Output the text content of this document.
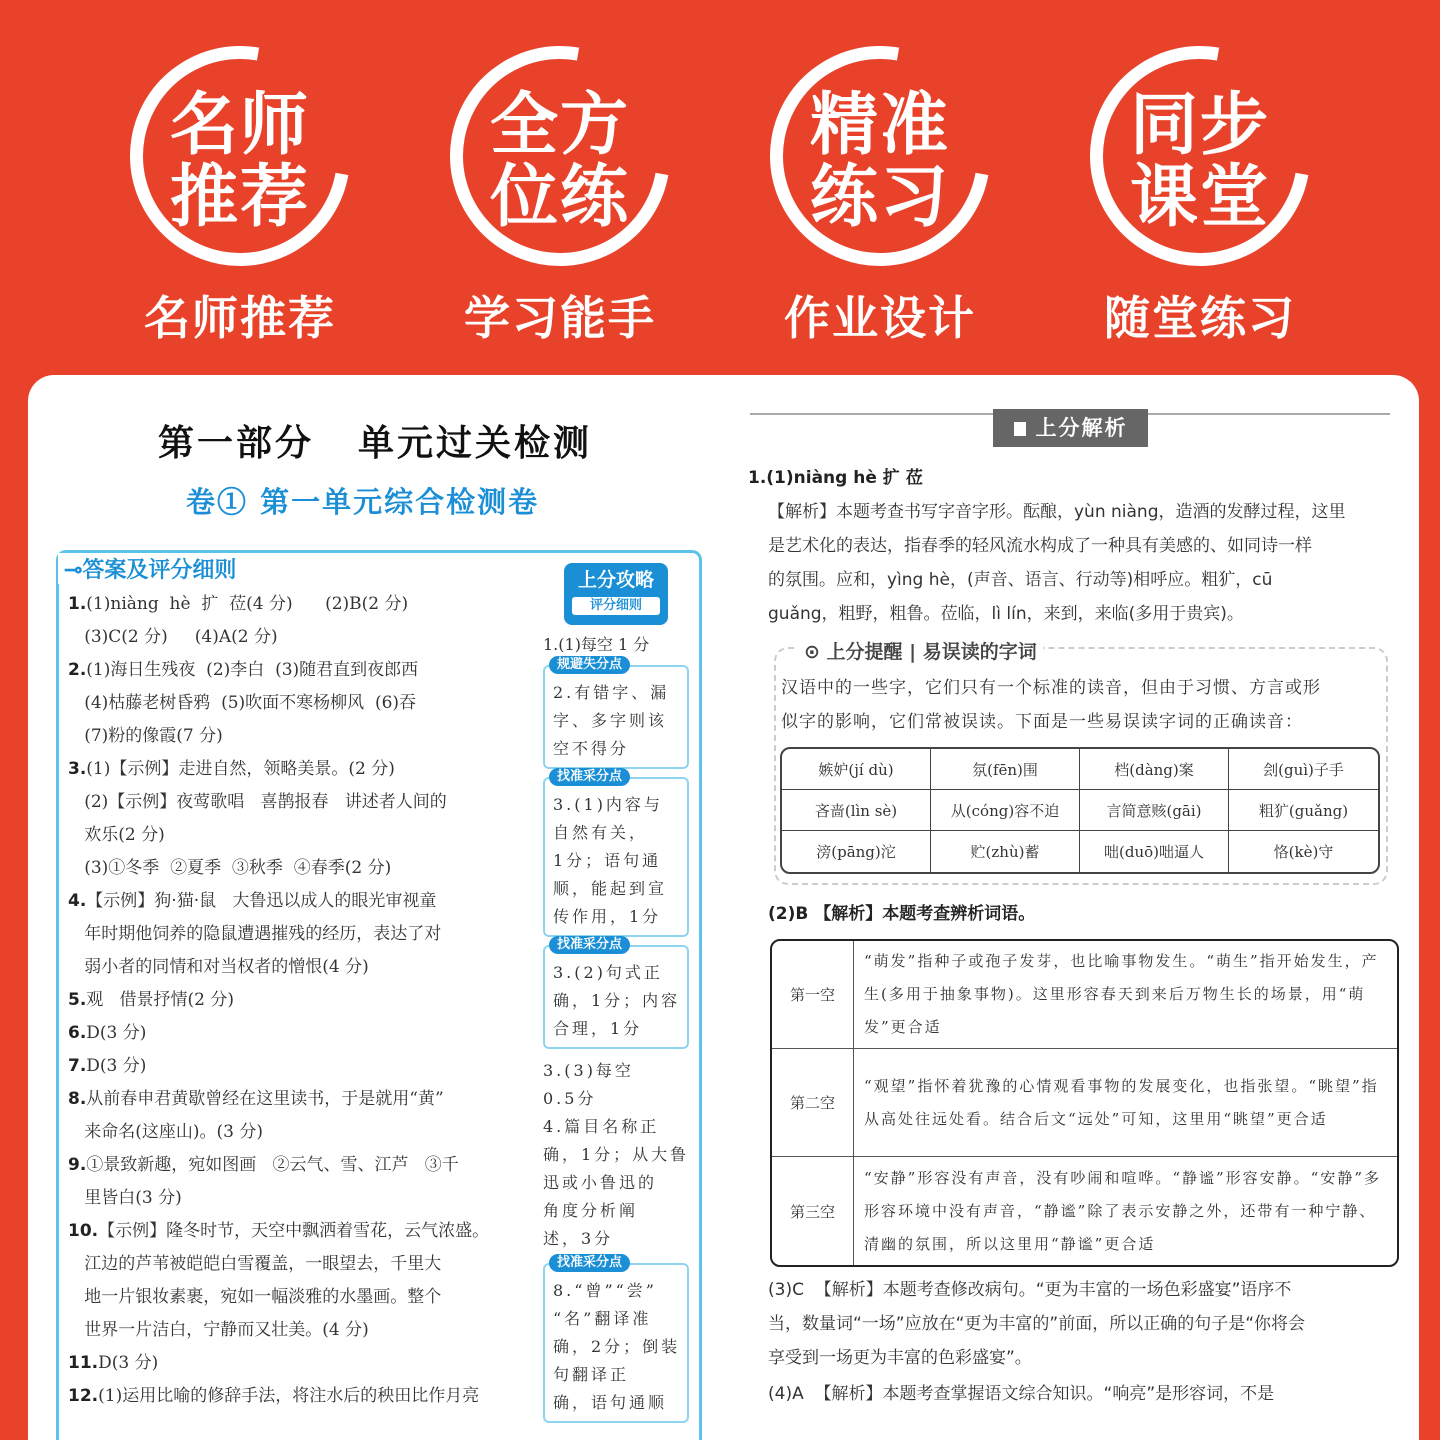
名师
推荐
名师推荐
全方
位练
学习能手
精准
练习
作业设计
同步
课堂
随堂练习
第一部分 单元过关检测
卷① 第一单元综合检测卷
⊸答案及评分细则
1.(1)niàng  hè  扩  莅(4 分)      (2)B(2 分)
(3)C(2 分)     (4)A(2 分)
2.(1)海日生残夜  (2)李白  (3)随君直到夜郎西
(4)枯藤老树昏鸦  (5)吹面不寒杨柳风  (6)吞
(7)粉的像霞(7 分)
3.(1)【示例】走进自然，领略美景。(2 分)
(2)【示例】夜莺歌唱   喜鹊报春   讲述者人间的
欢乐(2 分)
(3)①冬季  ②夏季  ③秋季  ④春季(2 分)
4.【示例】狗·猫·鼠   大鲁迅以成人的眼光审视童
年时期他饲养的隐鼠遭遇摧残的经历，表达了对
弱小者的同情和对当权者的憎恨(4 分)
5.观   借景抒情(2 分)
6.D(3 分)
7.D(3 分)
8.从前春申君黄歇曾经在这里读书，于是就用“黄”
来命名(这座山)。(3 分)
9.①景致新趣，宛如图画   ②云气、雪、江芦   ③千
里皆白(3 分)
10.【示例】隆冬时节，天空中飘洒着雪花，云气浓盛。
江边的芦苇被皑皑白雪覆盖，一眼望去，千里大
地一片银妆素裹，宛如一幅淡雅的水墨画。整个
世界一片洁白，宁静而又壮美。(4 分)
11.D(3 分)
12.(1)运用比喻的修辞手法，将注水后的秧田比作月亮
上分攻略
评分细则
1.(1)每空 1 分
规避失分点
2.有错字、漏
字、多字则该
空不得分
找准采分点
3.(1)内容与
自然有关，
1分；语句通
顺，能起到宣
传作用，1分
找准采分点
3.(2)句式正
确，1分；内容
合理，1分
3.(3)每空
0.5分
4.篇目名称正
确，1分；从大鲁
迅或小鲁迅的
角度分析阐
述，3分
找准采分点
8.“曾”“尝”
“名”翻译准
确，2分；倒装
句翻译正
确，语句通顺
上分解析
1.(1)niàng hè 扩 莅
【解析】本题考查书写字音字形。酝酿，yùn niàng，造酒的发酵过程，这里
是艺术化的表达，指春季的轻风流水构成了一种具有美感的、如同诗一样
的氛围。应和，yìng hè，(声音、语言、行动等)相呼应。粗犷，cū
guǎng，粗野，粗鲁。莅临，lì lín，来到，来临(多用于贵宾)。
⊙ 上分提醒 | 易误读的字词
汉语中的一些字，它们只有一个标准的读音，但由于习惯、方言或形
似字的影响，它们常被误读。下面是一些易误读字词的正确读音：
嫉妒(jí dù)	氛(fēn)围	档(dàng)案	刽(guì)子手
吝啬(lìn sè)	从(cóng)容不迫	言简意赅(gāi)	粗犷(guǎng)
滂(pāng)沱	贮(zhù)蓄	咄(duō)咄逼人	恪(kè)守
(2)B 【解析】本题考查辨析词语。
第一空	“萌发”指种子或孢子发芽，也比喻事物发生。“萌生”指开始发生，产生(多用于抽象事物)。这里形容春天到来后万物生长的场景，用“萌发”更合适
第二空	“观望”指怀着犹豫的心情观看事物的发展变化，也指张望。“眺望”指从高处往远处看。结合后文“远处”可知，这里用“眺望”更合适
第三空	“安静”形容没有声音，没有吵闹和喧哗。“静谧”形容安静。“安静”多形容环境中没有声音，“静谧”除了表示安静之外，还带有一种宁静、清幽的氛围，所以这里用“静谧”更合适
(3)C  【解析】本题考查修改病句。“更为丰富的一场色彩盛宴”语序不
当，数量词“一场”应放在“更为丰富的”前面，所以正确的句子是“你将会
享受到一场更为丰富的色彩盛宴”。
(4)A  【解析】本题考查掌握语文综合知识。“响亮”是形容词，不是
